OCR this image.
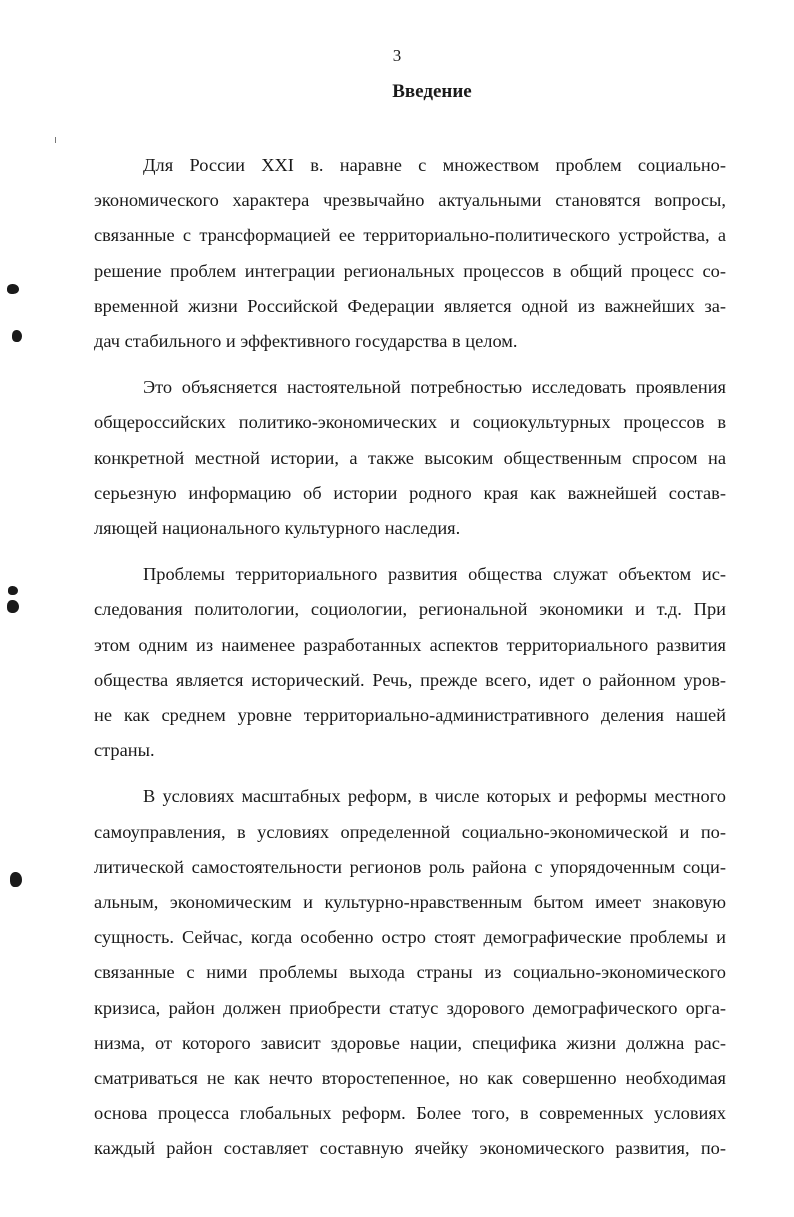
3
Введение
Для России XXI в. наравне с множеством проблем социально-
экономического характера чрезвычайно актуальными становятся вопросы,
связанные с трансформацией ее территориально-политического устройства, а
решение проблем интеграции региональных процессов в общий процесс со-
временной жизни Российской Федерации является одной из важнейших за-
дач стабильного и эффективного государства в целом.
Это объясняется настоятельной потребностью исследовать проявления
общероссийских политико-экономических и социокультурных процессов в
конкретной местной истории, а также высоким общественным спросом на
серьезную информацию об истории родного края как важнейшей состав-
ляющей национального культурного наследия.
Проблемы территориального развития общества служат объектом ис-
следования политологии, социологии, региональной экономики и т.д. При
этом одним из наименее разработанных аспектов территориального развития
общества является исторический. Речь, прежде всего, идет о районном уров-
не как среднем уровне территориально-административного деления нашей
страны.
В условиях масштабных реформ, в числе которых и реформы местного
самоуправления, в условиях определенной социально-экономической и по-
литической самостоятельности регионов роль района с упорядоченным соци-
альным, экономическим и культурно-нравственным бытом имеет знаковую
сущность. Сейчас, когда особенно остро стоят демографические проблемы и
связанные с ними проблемы выхода страны из социально-экономического
кризиса, район должен приобрести статус здорового демографического орга-
низма, от которого зависит здоровье нации, специфика жизни должна рас-
сматриваться не как нечто второстепенное, но как совершенно необходимая
основа процесса глобальных реформ. Более того, в современных условиях
каждый район составляет составную ячейку экономического развития, по-
